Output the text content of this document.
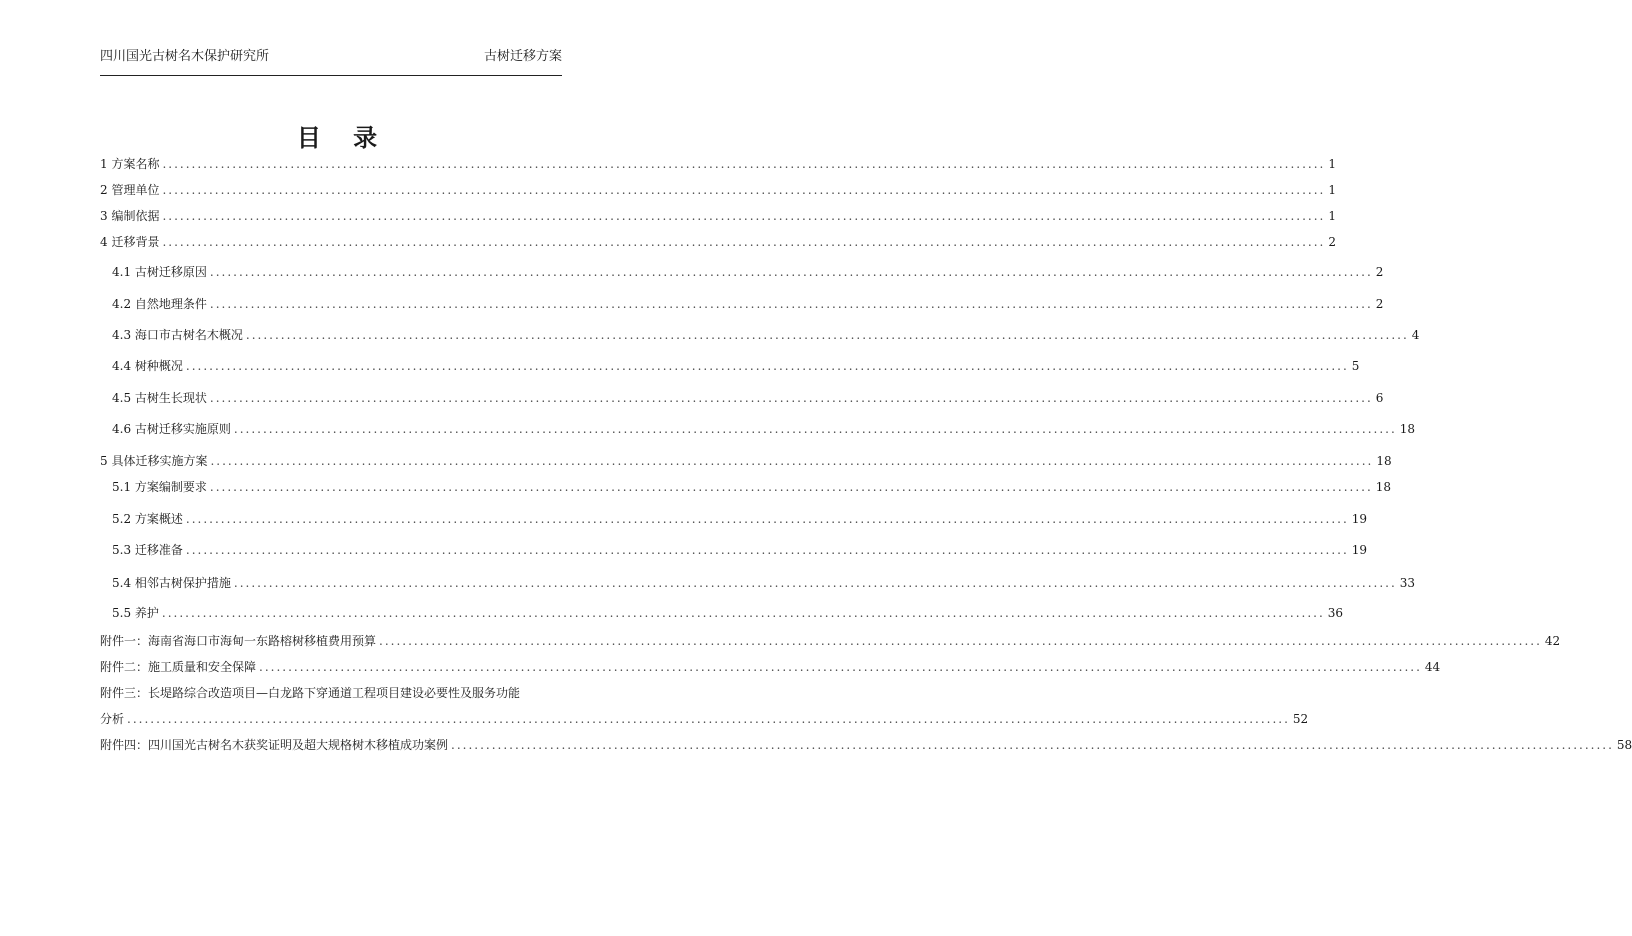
四川国光古树名木保护研究所	古树迁移方案
目 录
1 方案名称 ........................................................................................................................................................................................................ 1
2 管理单位 ........................................................................................................................................................................................................ 1
3 编制依据 ........................................................................................................................................................................................................ 1
4 迁移背景 ........................................................................................................................................................................................................ 2
4.1 古树迁移原因 ........................................................................................................................................................................................................ 2
4.2 自然地理条件 ........................................................................................................................................................................................................ 2
4.3 海口市古树名木概况 ........................................................................................................................................................................................................ 4
4.4 树种概况 ........................................................................................................................................................................................................ 5
4.5 古树生长现状 ........................................................................................................................................................................................................ 6
4.6 古树迁移实施原则 ........................................................................................................................................................................................................ 18
5 具体迁移实施方案 ........................................................................................................................................................................................................ 18
5.1 方案编制要求 ........................................................................................................................................................................................................ 18
5.2 方案概述 ........................................................................................................................................................................................................ 19
5.3 迁移准备 ........................................................................................................................................................................................................ 19
5.4 相邻古树保护措施 ........................................................................................................................................................................................................ 33
5.5 养护 ........................................................................................................................................................................................................ 36
附件一：海南省海口市海甸一东路榕树移植费用预算 ........................................................................................................................................................................................................ 42
附件二：施工质量和安全保障 ........................................................................................................................................................................................................ 44
附件三：长堤路综合改造项目—白龙路下穿通道工程项目建设必要性及服务功能
分析 ........................................................................................................................................................................................................ 52
附件四：四川国光古树名木获奖证明及超大规格树木移植成功案例 ........................................................................................................................................................................................................ 58
